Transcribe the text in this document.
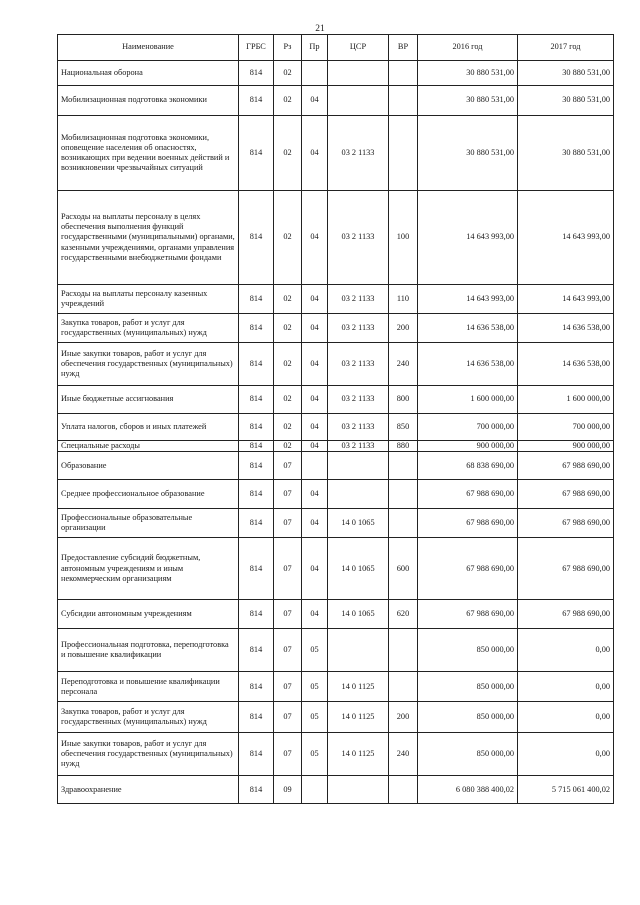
21
Наименование	ГРБС	Рз	Пр	ЦСР	ВР	2016 год	2017 год
Национальная оборона	814	02				30 880 531,00	30 880 531,00
Мобилизационная подготовка экономики	814	02	04			30 880 531,00	30 880 531,00
Мобилизационная подготовка экономики, оповещение населения об опасностях, возникающих при ведении военных действий и возникновении чрезвычайных ситуаций	814	02	04	03 2 1133		30 880 531,00	30 880 531,00
Расходы на выплаты персоналу в целях обеспечения выполнения функций государственными (муниципальными) органами, казенными учреждениями, органами управления государственными внебюджетными фондами	814	02	04	03 2 1133	100	14 643 993,00	14 643 993,00
Расходы на выплаты персоналу казенных учреждений	814	02	04	03 2 1133	110	14 643 993,00	14 643 993,00
Закупка товаров, работ и услуг для государственных (муниципальных) нужд	814	02	04	03 2 1133	200	14 636 538,00	14 636 538,00
Иные закупки товаров, работ и услуг для обеспечения государственных (муниципальных) нужд	814	02	04	03 2 1133	240	14 636 538,00	14 636 538,00
Иные бюджетные ассигнования	814	02	04	03 2 1133	800	1 600 000,00	1 600 000,00
Уплата налогов, сборов и иных платежей	814	02	04	03 2 1133	850	700 000,00	700 000,00
Специальные расходы	814	02	04	03 2 1133	880	900 000,00	900 000,00
Образование	814	07				68 838 690,00	67 988 690,00
Среднее профессиональное образование	814	07	04			67 988 690,00	67 988 690,00
Профессиональные образовательные организации	814	07	04	14 0 1065		67 988 690,00	67 988 690,00
Предоставление субсидий бюджетным, автономным учреждениям и иным некоммерческим организациям	814	07	04	14 0 1065	600	67 988 690,00	67 988 690,00
Субсидии автономным учреждениям	814	07	04	14 0 1065	620	67 988 690,00	67 988 690,00
Профессиональная подготовка, переподготовка и повышение квалификации	814	07	05			850 000,00	0,00
Переподготовка и повышение квалификации персонала	814	07	05	14 0 1125		850 000,00	0,00
Закупка товаров, работ и услуг для государственных (муниципальных) нужд	814	07	05	14 0 1125	200	850 000,00	0,00
Иные закупки товаров, работ и услуг для обеспечения государственных (муниципальных) нужд	814	07	05	14 0 1125	240	850 000,00	0,00
Здравоохранение	814	09				6 080 388 400,02	5 715 061 400,02
